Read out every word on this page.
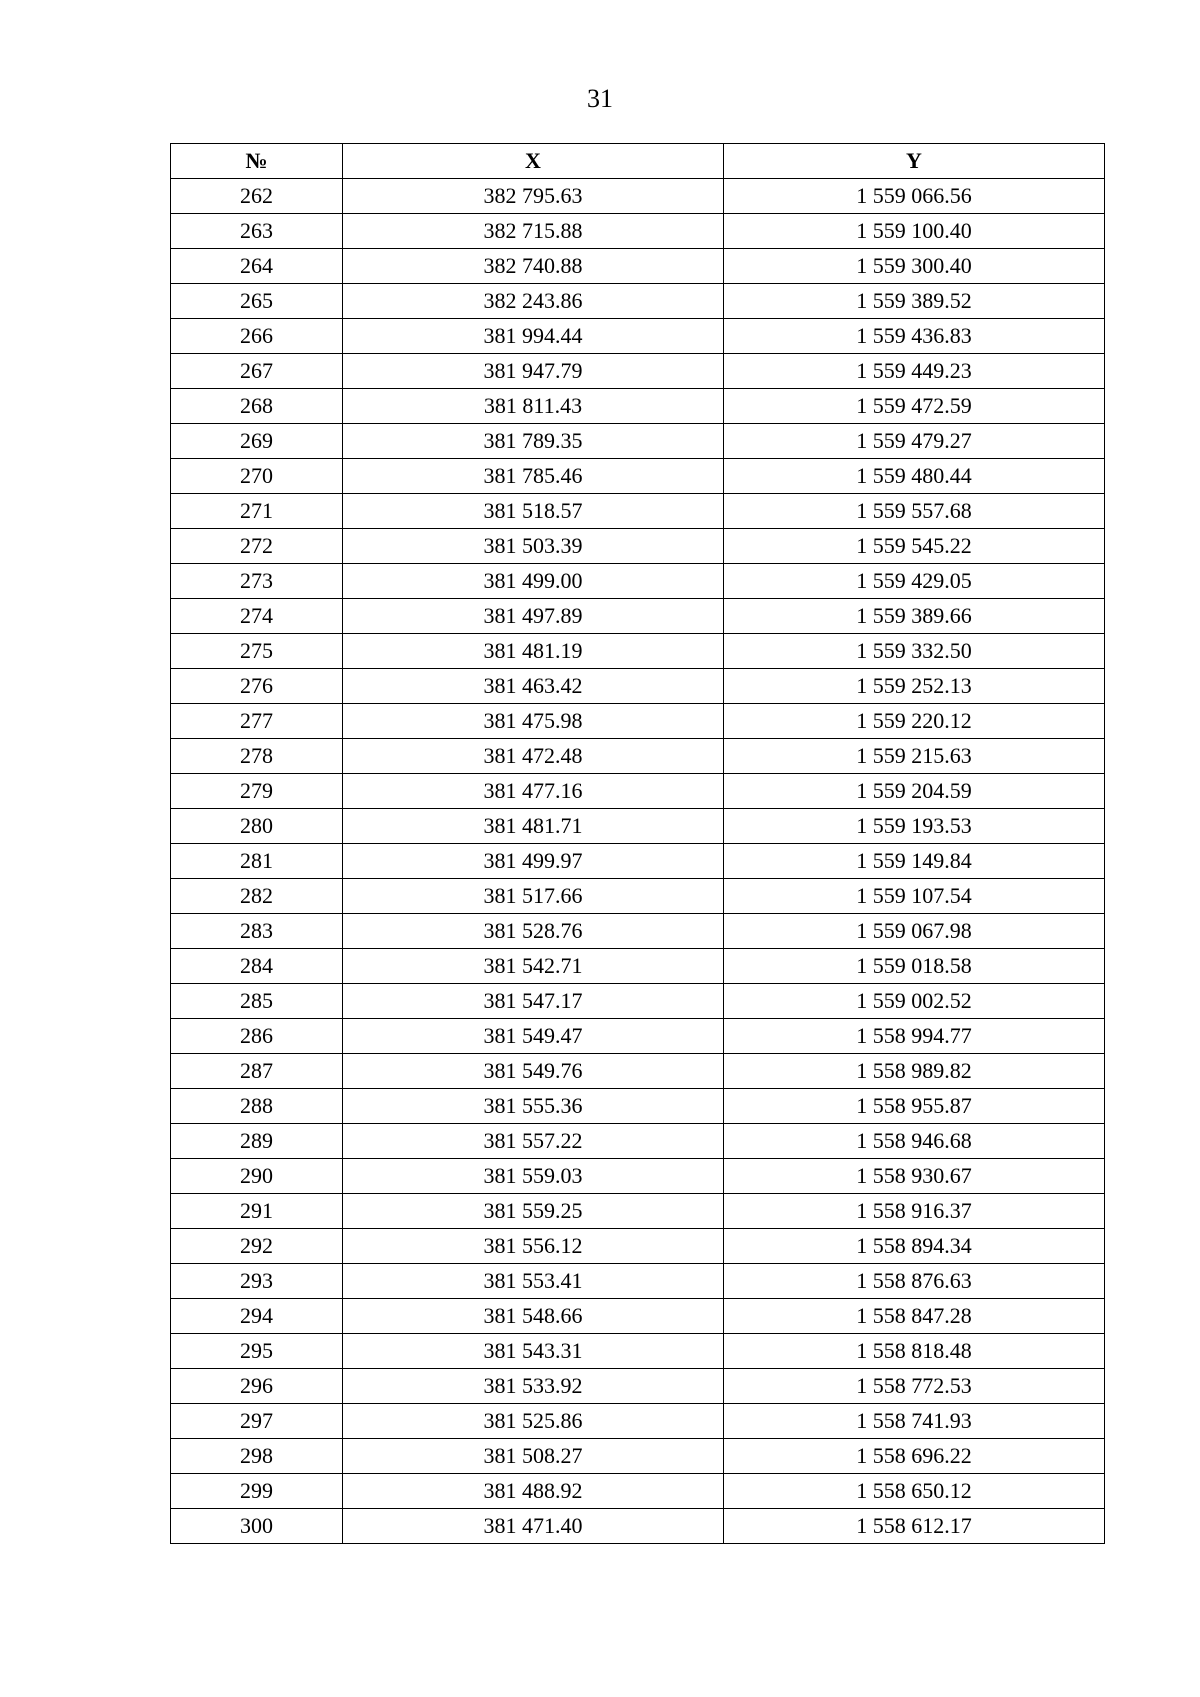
31
№	X	Y
262	382 795.63	1 559 066.56
263	382 715.88	1 559 100.40
264	382 740.88	1 559 300.40
265	382 243.86	1 559 389.52
266	381 994.44	1 559 436.83
267	381 947.79	1 559 449.23
268	381 811.43	1 559 472.59
269	381 789.35	1 559 479.27
270	381 785.46	1 559 480.44
271	381 518.57	1 559 557.68
272	381 503.39	1 559 545.22
273	381 499.00	1 559 429.05
274	381 497.89	1 559 389.66
275	381 481.19	1 559 332.50
276	381 463.42	1 559 252.13
277	381 475.98	1 559 220.12
278	381 472.48	1 559 215.63
279	381 477.16	1 559 204.59
280	381 481.71	1 559 193.53
281	381 499.97	1 559 149.84
282	381 517.66	1 559 107.54
283	381 528.76	1 559 067.98
284	381 542.71	1 559 018.58
285	381 547.17	1 559 002.52
286	381 549.47	1 558 994.77
287	381 549.76	1 558 989.82
288	381 555.36	1 558 955.87
289	381 557.22	1 558 946.68
290	381 559.03	1 558 930.67
291	381 559.25	1 558 916.37
292	381 556.12	1 558 894.34
293	381 553.41	1 558 876.63
294	381 548.66	1 558 847.28
295	381 543.31	1 558 818.48
296	381 533.92	1 558 772.53
297	381 525.86	1 558 741.93
298	381 508.27	1 558 696.22
299	381 488.92	1 558 650.12
300	381 471.40	1 558 612.17
